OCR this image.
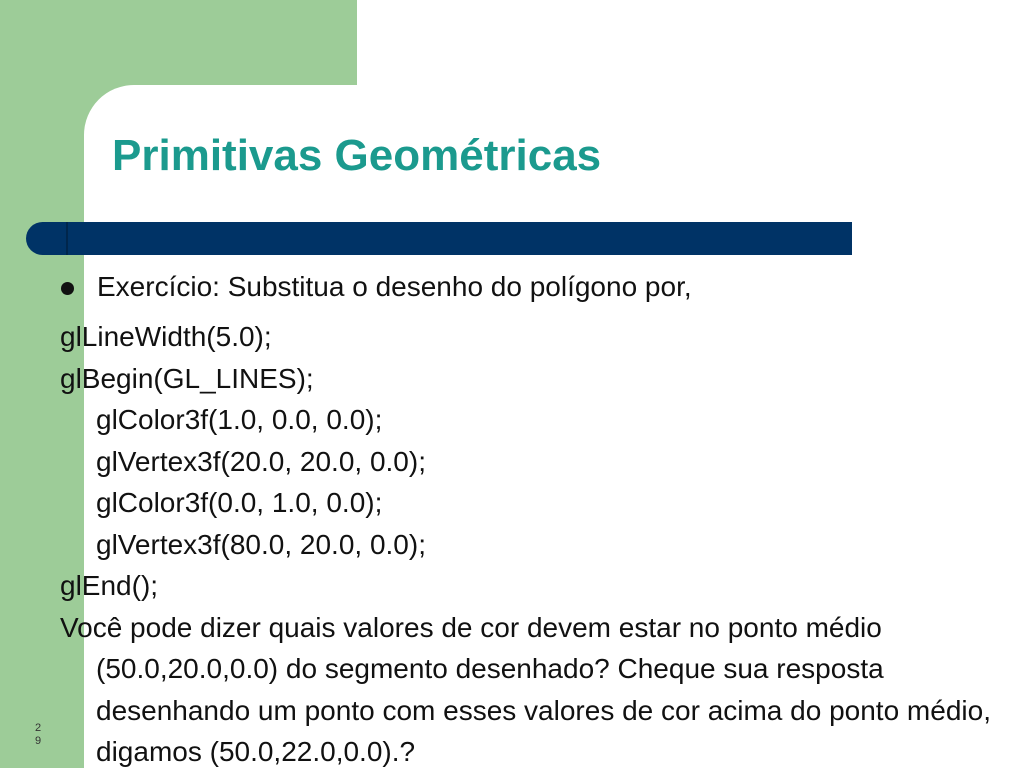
Primitivas Geométricas
Exercício: Substitua o desenho do polígono por,
glLineWidth(5.0);
glBegin(GL_LINES);
glColor3f(1.0, 0.0, 0.0);
glVertex3f(20.0, 20.0, 0.0);
glColor3f(0.0, 1.0, 0.0);
glVertex3f(80.0, 20.0, 0.0);
glEnd();
Você pode dizer quais valores de cor devem estar no ponto médio (50.0,20.0,0.0) do segmento desenhado? Cheque sua resposta desenhando um ponto com esses valores de cor acima do ponto médio, digamos (50.0,22.0,0.0).?
29
